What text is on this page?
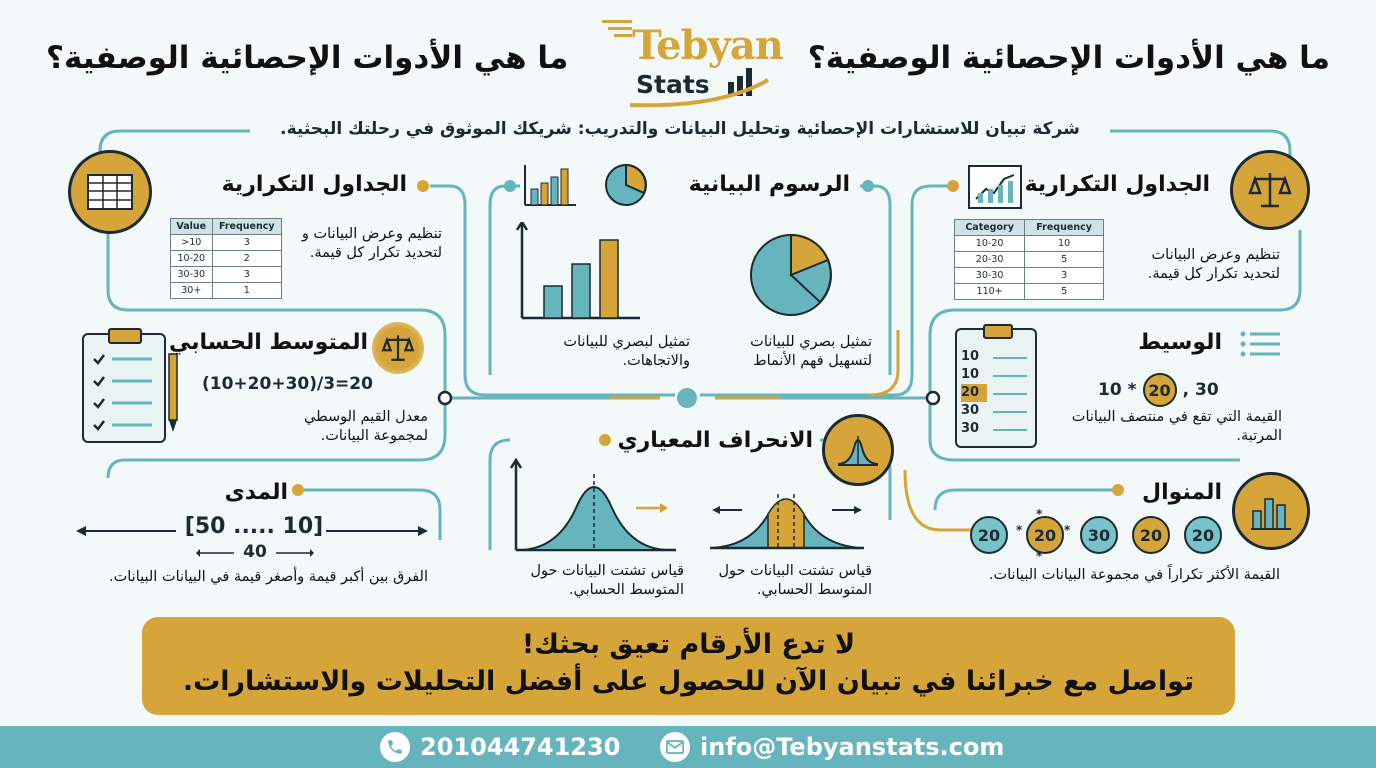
ما هي الأدوات الإحصائية الوصفية؟
ما هي الأدوات الإحصائية الوصفية؟ Tebyan
Stats
شركة تبيان للاستشارات الإحصائية وتحليل البيانات والتدريب: شريكك الموثوق في رحلتك البحثية.
الجداول التكرارية
Category	Frequency
10-20	10
20-30	5
30-30	3
110+	5
تنظيم وعرض البيانات لتحديد تكرار كل قيمة.
الرسوم البيانية
تمثيل لبصري للبيانات والاتجاهات.
تمثيل بصري للبيانات لتسهيل فهم الأنماط
الجداول التكرارية
Value	Frequency
>10	3
10-20	2
30-30	3
30+	1
تنظيم وعرض البيانات و لتحديد تكرار كل قيمة.
10
10
20
30
30
الوسيط
10 * 20 , 30
القيمة التي تقع في منتصف البيانات المرتبة.
المتوسط الحسابي
(10+20+30)/3=20
معدل القيم الوسطي لمجموعة البيانات.	الانحراف المعياري
قياس تشتت البيانات حول المتوسط الحسابي.
قياس تشتت البيانات حول المتوسط الحسابي.
المدى
[50 ..... 10]
40
الفرق بين أكبر قيمة وأصغر قيمة في البيانات البيانات.
المنوال
20	20	30	20	20
*
*
*
*
القيمة الأكثر تكراراً في مجموعة البيانات البيانات.
لا تدع الأرقام تعيق بحثك!
تواصل مع خبرائنا في تبيان الآن للحصول على أفضل التحليلات والاستشارات.
201044741230	info@Tebyanstats.com
